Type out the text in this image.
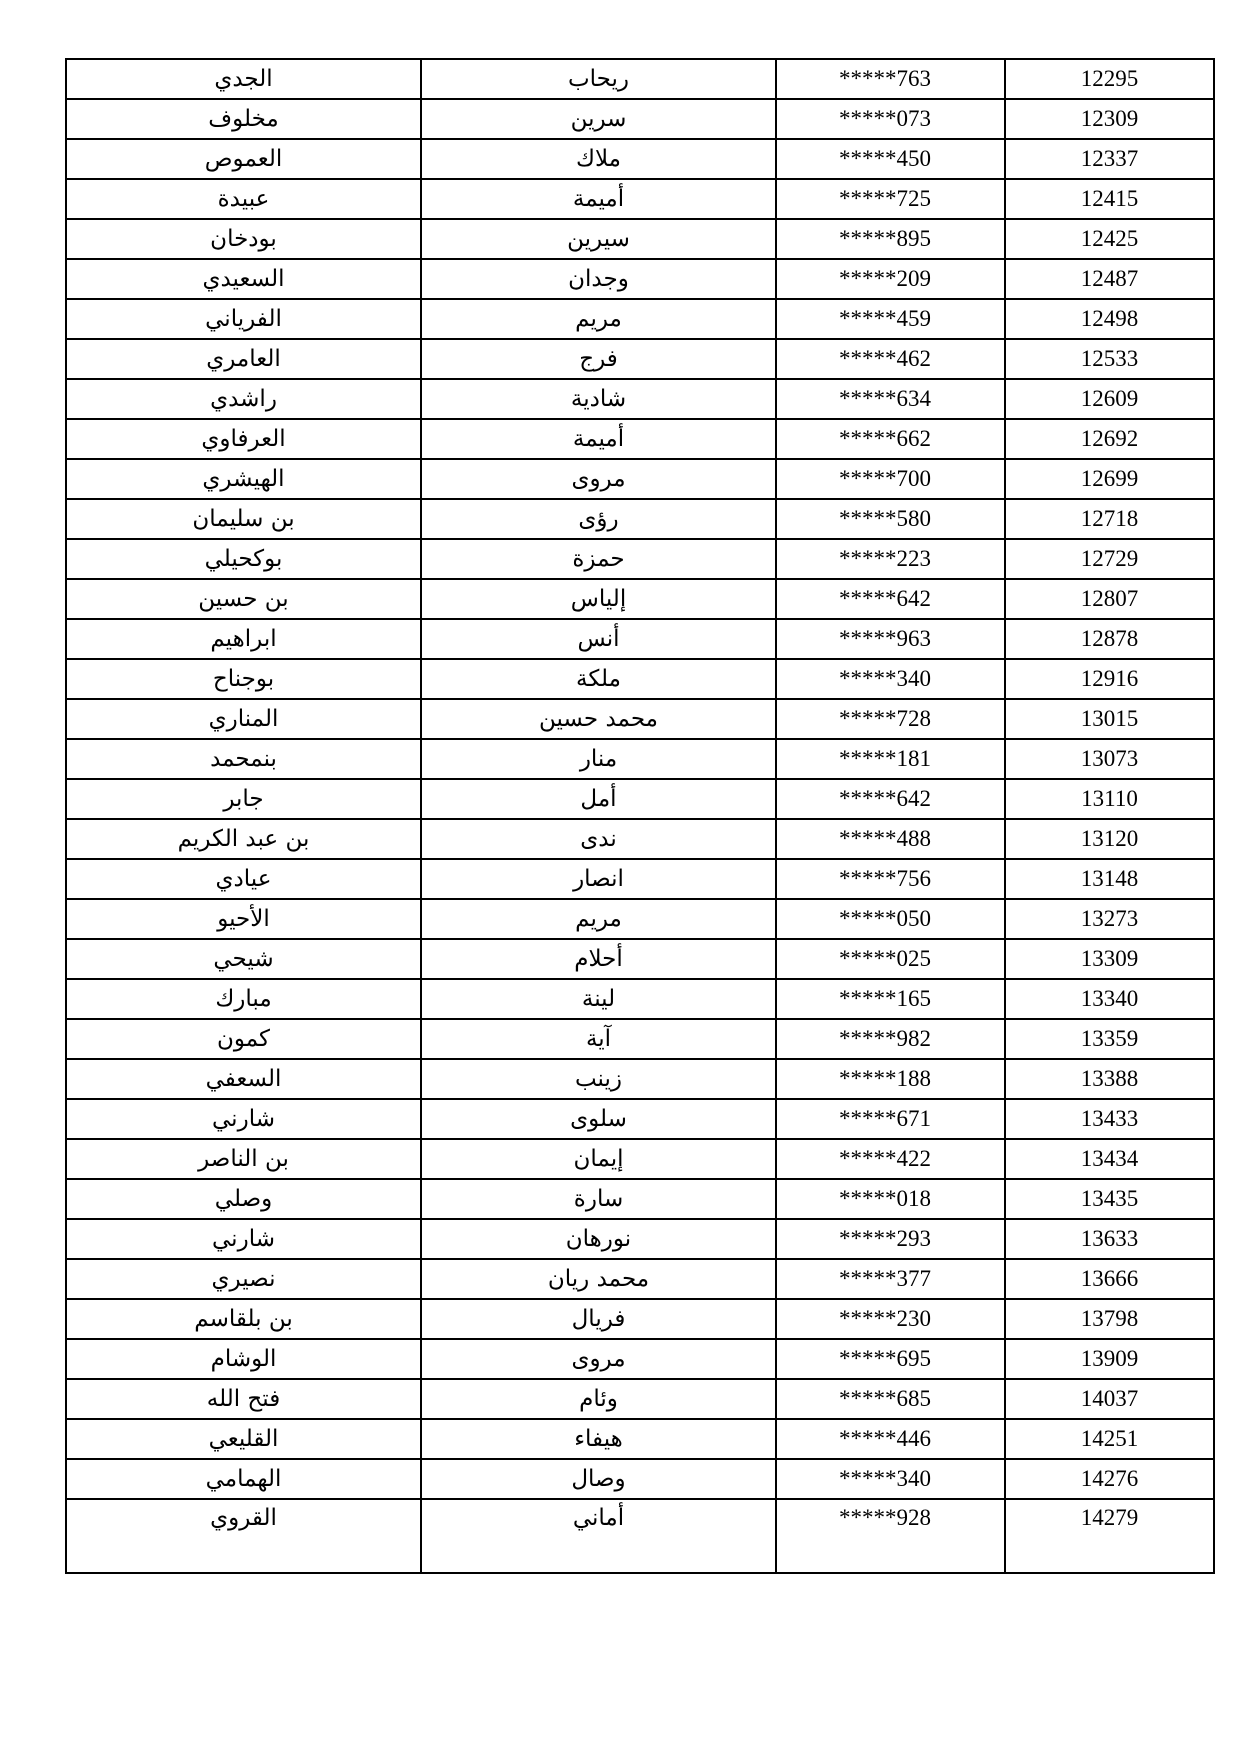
الجدي	ريحاب	*****763	12295
مخلوف	سرين	*****073	12309
العموص	ملاك	*****450	12337
عبيدة	أميمة	*****725	12415
بودخان	سيرين	*****895	12425
السعيدي	وجدان	*****209	12487
الفرياني	مريم	*****459	12498
العامري	فرج	*****462	12533
راشدي	شادية	*****634	12609
العرفاوي	أميمة	*****662	12692
الهيشري	مروى	*****700	12699
بن سليمان	رؤى	*****580	12718
بوكحيلي	حمزة	*****223	12729
بن حسين	إلياس	*****642	12807
ابراهيم	أنس	*****963	12878
بوجناح	ملكة	*****340	12916
المناري	محمد حسين	*****728	13015
بنمحمد	منار	*****181	13073
جابر	أمل	*****642	13110
بن عبد الكريم	ندى	*****488	13120
عيادي	انصار	*****756	13148
الأحيو	مريم	*****050	13273
شيحي	أحلام	*****025	13309
مبارك	لينة	*****165	13340
كمون	آية	*****982	13359
السعفي	زينب	*****188	13388
شارني	سلوى	*****671	13433
بن الناصر	إيمان	*****422	13434
وصلي	سارة	*****018	13435
شارني	نورهان	*****293	13633
نصيري	محمد ريان	*****377	13666
بن بلقاسم	فريال	*****230	13798
الوشام	مروى	*****695	13909
فتح الله	وئام	*****685	14037
القليعي	هيفاء	*****446	14251
الهمامي	وصال	*****340	14276
القروي	أماني	*****928	14279
